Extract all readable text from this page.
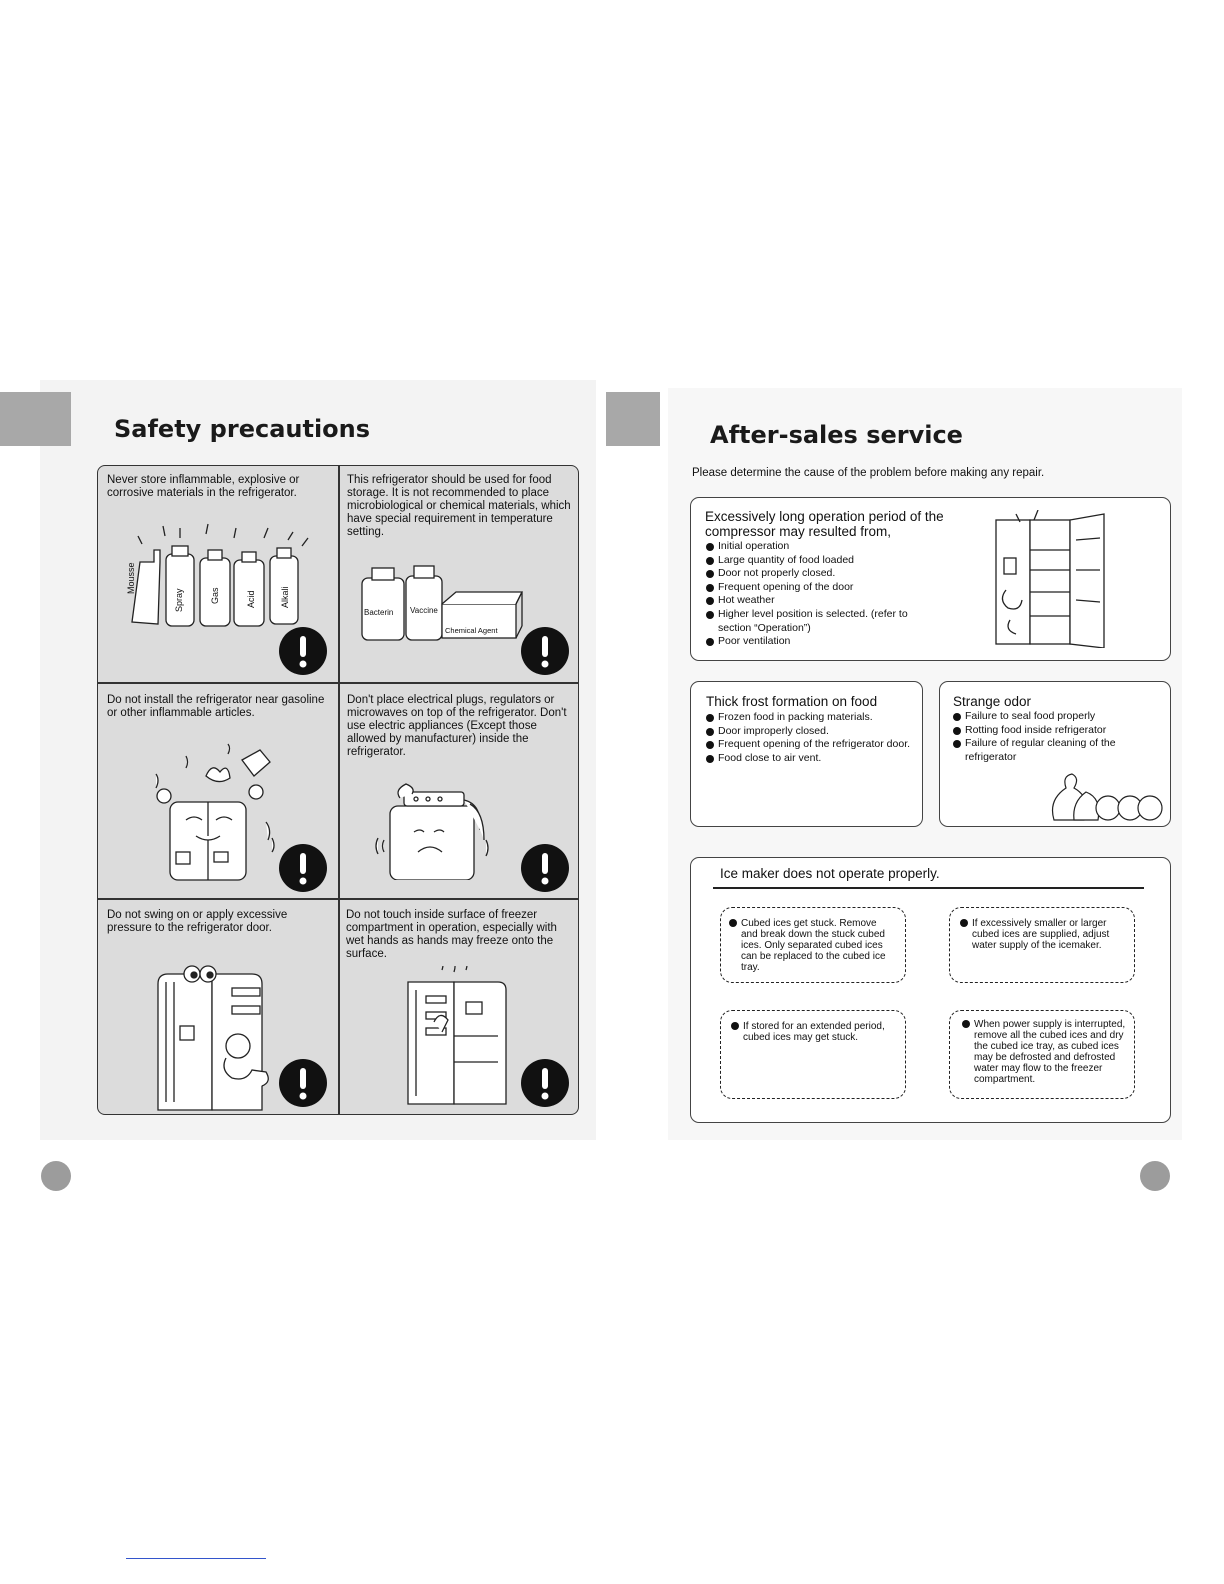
Safety precautions
Never store inflammable, explosive or corrosive materials in the refrigerator.
Mousse
Spray	Gas	Acid	Alkali
This refrigerator should be used for food storage. It is not recommended to place microbiological or chemical materials, which have special requirement in temperature setting.
Bacterin Vaccine
Chemical Agent
Do not install the refrigerator near gasoline or other inflammable articles.
Don't place electrical plugs, regulators or microwaves on top of the refrigerator. Don't use electric appliances (Except those allowed by manufacturer) inside the refrigerator.
Do not swing on or apply excessive pressure to the refrigerator door.
Do not touch inside surface of freezer compartment in operation, especially with wet hands as hands may freeze onto the surface.
After-sales service
Please determine the cause of the problem before making any repair.
Excessively long operation period of the compressor may resulted from,
Initial operation
Large quantity of food loaded
Door not properly closed.
Frequent opening of the door
Hot weather
Higher level position is selected. (refer to section “Operation”)
Poor ventilation
Thick frost formation on food
Frozen food in packing materials.
Door improperly closed.
Frequent opening of the refrigerator door.
Food close to air vent.
Strange odor
Failure to seal food properly
Rotting food inside refrigerator
Failure of regular cleaning of the refrigerator
Ice maker does not operate properly.
Cubed ices get stuck. Remove and break down the stuck cubed ices. Only separated cubed ices can be replaced to the cubed ice tray.
If excessively smaller or larger cubed ices are supplied, adjust water supply of the icemaker.
If stored for an extended period, cubed ices may get stuck.
When power supply is interrupted, remove all the cubed ices and dry the cubed ice tray, as cubed ices may be defrosted and defrosted water may flow to the freezer compartment.
